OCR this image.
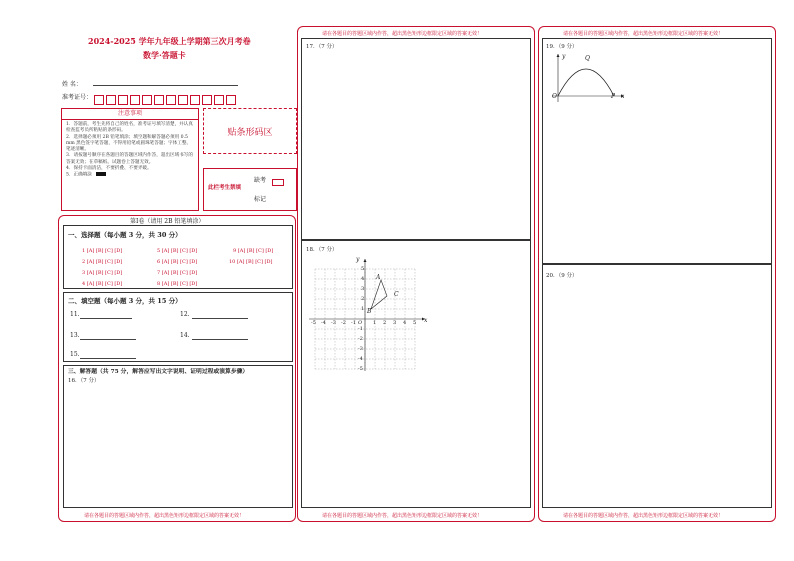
2024-2025 学年九年级上学期第三次月考卷
数学·答题卡
姓 名：
准考证号：
注意事项
1．答题前，考生先将自己的姓名，准考证号填写清楚，并认真检查监考员所粘贴的条形码。
2．选择题必须用 2B 铅笔填涂；填空题和解答题必须用 0.5 mm 黑色签字笔答题，不得用铅笔或圆珠笔答题；字体工整、笔迹清晰。
3．请按题号顺序在各题目的答题区域内作答，超出区域书写的答案无效；在草稿纸、试题卷上答题无效。
4．保持卡面清洁，不要折叠、不要弄破。
5．正确填涂
贴条形码区
此栏考生禁填
缺考
标记
第Ⅰ卷（请用 2B 铅笔填涂）
一、选择题（每小题 3 分，共 30 分）
1 [A] [B] [C] [D]
2 [A] [B] [C] [D]
3 [A] [B] [C] [D]
4 [A] [B] [C] [D]
5 [A] [B] [C] [D]
6 [A] [B] [C] [D]
7 [A] [B] [C] [D]
8 [A] [B] [C] [D]
9 [A] [B] [C] [D]
10 [A] [B] [C] [D]
二、填空题（每小题 3 分，共 15 分）
11.	12.
13.	14.
15.
三、解答题（共 75 分，解答应写出文字说明、证明过程或演算步骤）
16．（7 分）
请在各题目的答题区域内作答，超出黑色矩形边框限定区域的答案无效！
请在各题目的答题区域内作答，超出黑色矩形边框限定区域的答案无效！
17．（7 分）
18．（7 分）
y
x
-5 -4 -3 -2 -1 O 1 2 3 4 5
5
4
3
2
1
-1
-2
-3
-4
-5
A
B
C
请在各题目的答题区域内作答，超出黑色矩形边框限定区域的答案无效！
请在各题目的答题区域内作答，超出黑色矩形边框限定区域的答案无效！
19．（9 分）
y	Q
O	P x
20．（9 分）
请在各题目的答题区域内作答，超出黑色矩形边框限定区域的答案无效！
